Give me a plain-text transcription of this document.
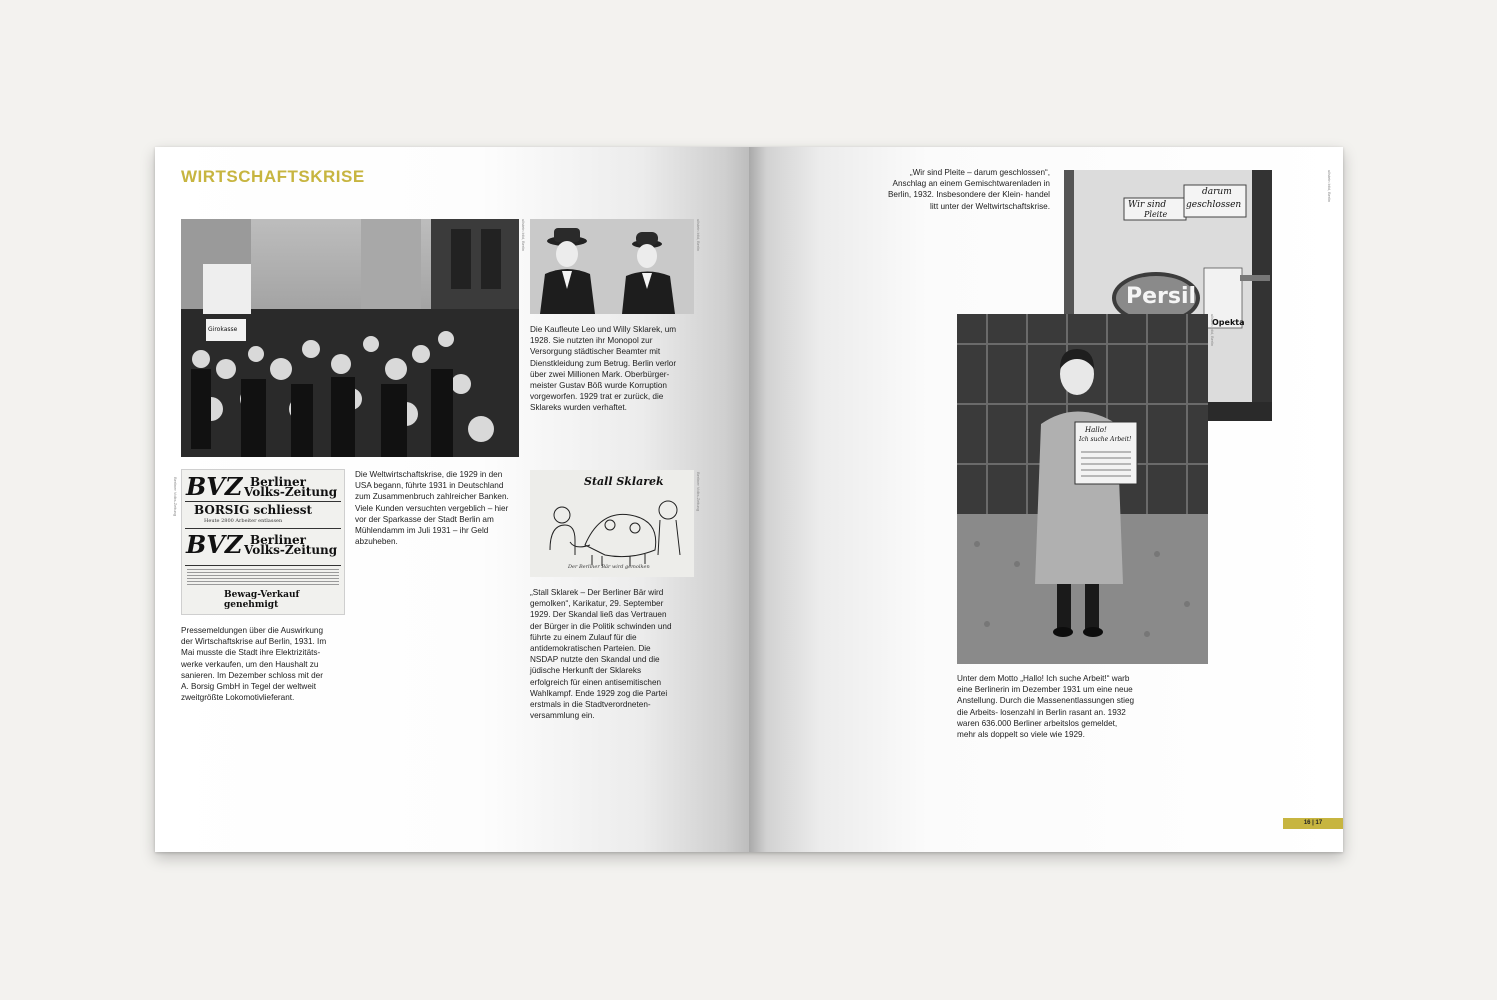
WIRTSCHAFTSKRISE
Girokasse
ullstein bild, Berlin	ullstein bild, Berlin
Die Kaufleute Leo und Willy Sklarek, um 1928. Sie nutzten ihr Monopol zur Versorgung städtischer Beamter mit Dienstkleidung zum Betrug. Berlin verlor über zwei Millionen Mark. Oberbürger- meister Gustav Böß wurde Korruption vorgeworfen. 1929 trat er zurück, die Sklareks wurden verhaftet.
BVZ Berliner
Volks-Zeitung
BORSIG schliesst
Heute 2800 Arbeiter entlassen
BVZ Berliner
Volks-Zeitung
Bewag-Verkauf genehmigt
Berliner Volks-Zeitung
Pressemeldungen über die Auswirkung der Wirtschaftskrise auf Berlin, 1931. Im Mai musste die Stadt ihre Elektrizitäts- werke verkaufen, um den Haushalt zu sanieren. Im Dezember schloss mit der A. Borsig GmbH in Tegel der weltweit zweitgrößte Lokomotivlieferant.
Die Weltwirtschaftskrise, die 1929 in den USA begann, führte 1931 in Deutschland zum Zusammenbruch zahlreicher Banken. Viele Kunden versuchten vergeblich – hier vor der Sparkasse der Stadt Berlin am Mühlendamm im Juli 1931 – ihr Geld abzuheben.
Stall Sklarek
Der Berliner Bär wird gemolken
Berliner Volks-Zeitung
„Stall Sklarek – Der Berliner Bär wird gemolken“, Karikatur, 29. September 1929. Der Skandal ließ das Vertrauen der Bürger in die Politik schwinden und führte zu einem Zulauf für die antidemokratischen Parteien. Die NSDAP nutzte den Skandal und die jüdische Herkunft der Sklareks erfolgreich für einen antisemitischen Wahlkampf. Ende 1929 zog die Partei erstmals in die Stadtverordneten- versammlung ein.
„Wir sind Pleite – darum geschlossen“, Anschlag an einem Gemischtwarenladen in Berlin, 1932. Insbesondere der Klein- handel litt unter der Weltwirtschaftskrise.	Wir sind
Pleite
darum
geschlossen
Persil
Opekta
ullstein bild, Berlin
Hallo!
Ich suche Arbeit!
ullstein bild, Berlin
Unter dem Motto „Hallo! Ich suche Arbeit!“ warb eine Berlinerin im Dezember 1931 um eine neue Anstellung. Durch die Massenentlassungen stieg die Arbeits- losenzahl in Berlin rasant an. 1932 waren 636.000 Berliner arbeitslos gemeldet, mehr als doppelt so viele wie 1929.
16 | 17
